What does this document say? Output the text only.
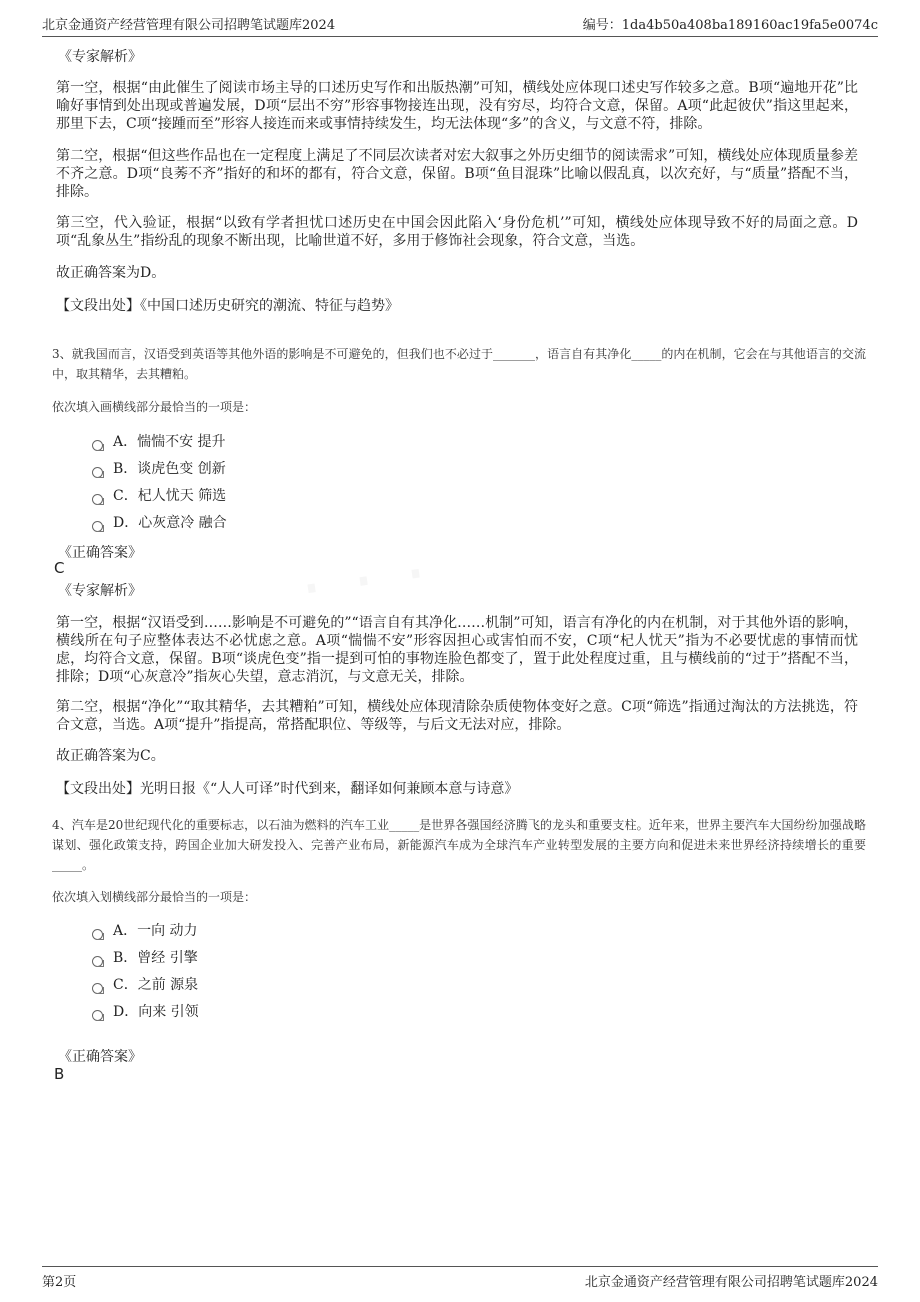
北京金通资产经营管理有限公司招聘笔试题库2024	编号：1da4b50a408ba189160ac19fa5e0074c
《专家解析》
第一空，根据“由此催生了阅读市场主导的口述历史写作和出版热潮”可知，横线处应体现口述史写作较多之意。B项“遍地开花”比喻好事情到处出现或普遍发展，D项“层出不穷”形容事物接连出现，没有穷尽，均符合文意，保留。A项“此起彼伏”指这里起来，那里下去，C项“接踵而至”形容人接连而来或事情持续发生，均无法体现“多”的含义，与文意不符，排除。
第二空，根据“但这些作品也在一定程度上满足了不同层次读者对宏大叙事之外历史细节的阅读需求”可知，横线处应体现质量参差不齐之意。D项“良莠不齐”指好的和坏的都有，符合文意，保留。B项“鱼目混珠”比喻以假乱真，以次充好，与“质量”搭配不当，排除。
第三空，代入验证，根据“以致有学者担忧口述历史在中国会因此陷入‘身份危机’”可知，横线处应体现导致不好的局面之意。D项“乱象丛生”指纷乱的现象不断出现，比喻世道不好，多用于修饰社会现象，符合文意，当选。
故正确答案为D。
【文段出处】《中国口述历史研究的潮流、特征与趋势》
3、就我国而言，汉语受到英语等其他外语的影响是不可避免的，但我们也不必过于_______，语言自有其净化_____的内在机制，它会在与其他语言的交流中，取其精华，去其糟粕。
依次填入画横线部分最恰当的一项是：
A．惴惴不安 提升
B．谈虎色变 创新
C．杞人忧天 筛选
D．心灰意冷 融合
《正确答案》
C
《专家解析》
第一空，根据“汉语受到……影响是不可避免的”“语言自有其净化……机制”可知，语言有净化的内在机制，对于其他外语的影响，横线所在句子应整体表达不必忧虑之意。A项“惴惴不安”形容因担心或害怕而不安，C项“杞人忧天”指为不必要忧虑的事情而忧虑，均符合文意，保留。B项“谈虎色变”指一提到可怕的事物连脸色都变了，置于此处程度过重，且与横线前的“过于”搭配不当，排除；D项“心灰意冷”指灰心失望，意志消沉，与文意无关，排除。
第二空，根据“净化”“取其精华，去其糟粕”可知，横线处应体现清除杂质使物体变好之意。C项“筛选”指通过淘汰的方法挑选，符合文意，当选。A项“提升”指提高，常搭配职位、等级等，与后文无法对应，排除。
故正确答案为C。
【文段出处】光明日报《“人人可译”时代到来，翻译如何兼顾本意与诗意》
4、汽车是20世纪现代化的重要标志，以石油为燃料的汽车工业_____是世界各强国经济腾飞的龙头和重要支柱。近年来，世界主要汽车大国纷纷加强战略谋划、强化政策支持，跨国企业加大研发投入、完善产业布局，新能源汽车成为全球汽车产业转型发展的主要方向和促进未来世界经济持续增长的重要_____。
依次填入划横线部分最恰当的一项是：
A．一向 动力
B．曾经 引擎
C．之前 源泉
D．向来 引领
《正确答案》
B
第2页	北京金通资产经营管理有限公司招聘笔试题库2024
